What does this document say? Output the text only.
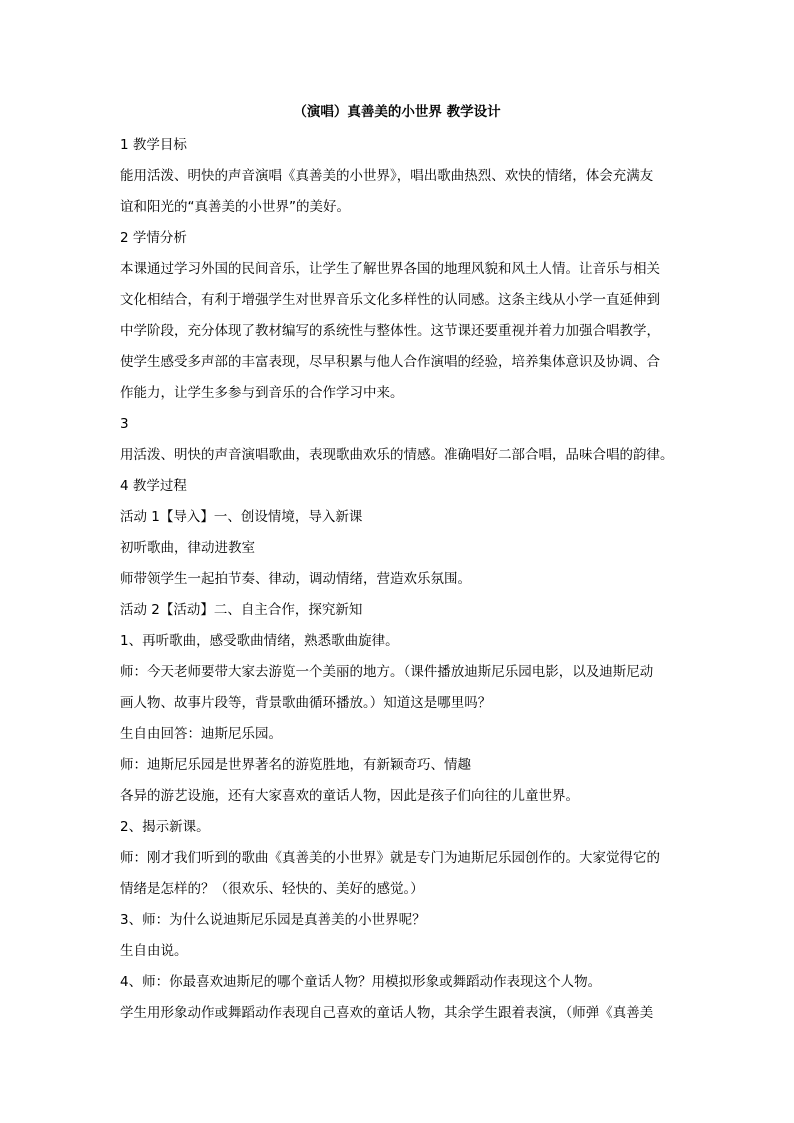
（演唱）真善美的小世界 教学设计
1 教学目标
能用活泼、明快的声音演唱《真善美的小世界》，唱出歌曲热烈、欢快的情绪，体会充满友
谊和阳光的“真善美的小世界”的美好。
2 学情分析
本课通过学习外国的民间音乐，让学生了解世界各国的地理风貌和风土人情。让音乐与相关
文化相结合，有利于增强学生对世界音乐文化多样性的认同感。这条主线从小学一直延伸到
中学阶段，充分体现了教材编写的系统性与整体性。这节课还要重视并着力加强合唱教学，
使学生感受多声部的丰富表现，尽早积累与他人合作演唱的经验，培养集体意识及协调、合
作能力，让学生多参与到音乐的合作学习中来。
3
用活泼、明快的声音演唱歌曲，表现歌曲欢乐的情感。准确唱好二部合唱，品味合唱的韵律。
4 教学过程
活动 1【导入】一、创设情境，导入新课
初听歌曲，律动进教室
师带领学生一起拍节奏、律动，调动情绪，营造欢乐氛围。
活动 2【活动】二、自主合作，探究新知
1、再听歌曲，感受歌曲情绪，熟悉歌曲旋律。
师：今天老师要带大家去游览一个美丽的地方。（课件播放迪斯尼乐园电影，以及迪斯尼动
画人物、故事片段等，背景歌曲循环播放。）知道这是哪里吗？
生自由回答：迪斯尼乐园。
师：迪斯尼乐园是世界著名的游览胜地，有新颖奇巧、情趣
各异的游艺设施，还有大家喜欢的童话人物，因此是孩子们向往的儿童世界。
2、揭示新课。
师：刚才我们听到的歌曲《真善美的小世界》就是专门为迪斯尼乐园创作的。大家觉得它的
情绪是怎样的？（很欢乐、轻快的、美好的感觉。）
3、师：为什么说迪斯尼乐园是真善美的小世界呢？
生自由说。
4、师：你最喜欢迪斯尼的哪个童话人物？用模拟形象或舞蹈动作表现这个人物。
学生用形象动作或舞蹈动作表现自己喜欢的童话人物，其余学生跟着表演，（师弹《真善美
